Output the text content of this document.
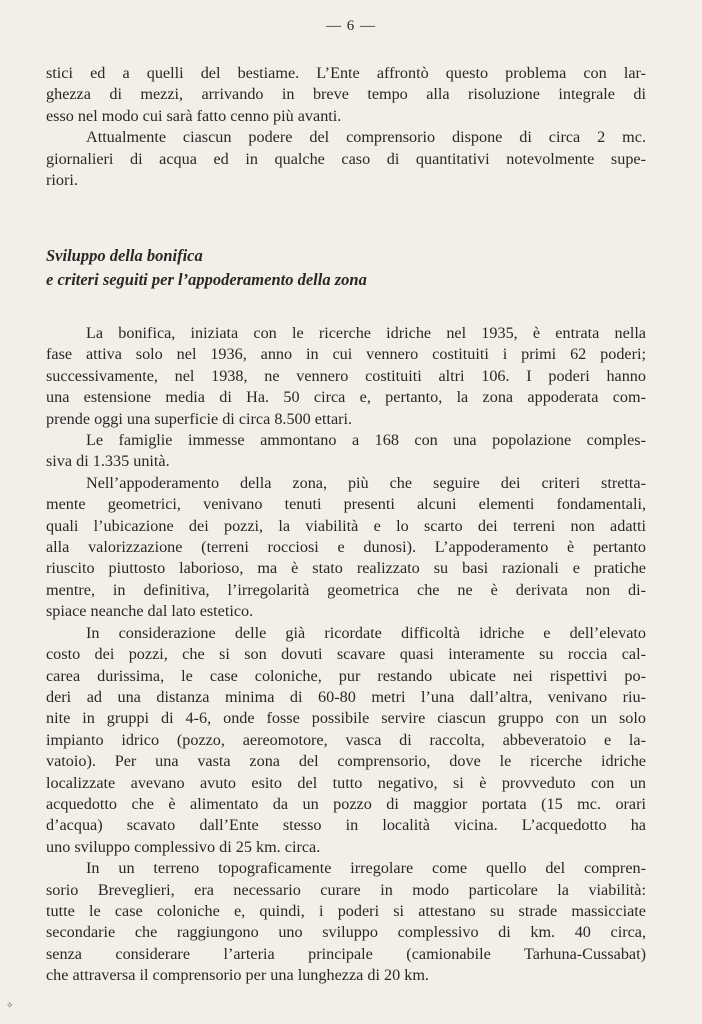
— 6 —
stici ed a quelli del bestiame. L’Ente affrontò questo problema con lar-
ghezza di mezzi, arrivando in breve tempo alla risoluzione integrale di
esso nel modo cui sarà fatto cenno più avanti.
Attualmente ciascun podere del comprensorio dispone di circa 2 mc.
giornalieri di acqua ed in qualche caso di quantitativi notevolmente supe-
riori.
Sviluppo della bonifica
e criteri seguiti per l’appoderamento della zona
La bonifica, iniziata con le ricerche idriche nel 1935, è entrata nella
fase attiva solo nel 1936, anno in cui vennero costituiti i primi 62 poderi;
successivamente, nel 1938, ne vennero costituiti altri 106. I poderi hanno
una estensione media di Ha. 50 circa e, pertanto, la zona appoderata com-
prende oggi una superficie di circa 8.500 ettari.
Le famiglie immesse ammontano a 168 con una popolazione comples-
siva di 1.335 unità.
Nell’appoderamento della zona, più che seguire dei criteri stretta-
mente geometrici, venivano tenuti presenti alcuni elementi fondamentali,
quali l’ubicazione dei pozzi, la viabilità e lo scarto dei terreni non adatti
alla valorizzazione (terreni rocciosi e dunosi). L’appoderamento è pertanto
riuscito piuttosto laborioso, ma è stato realizzato su basi razionali e pratiche
mentre, in definitiva, l’irregolarità geometrica che ne è derivata non di-
spiace neanche dal lato estetico.
In considerazione delle già ricordate difficoltà idriche e dell’elevato
costo dei pozzi, che si son dovuti scavare quasi interamente su roccia cal-
carea durissima, le case coloniche, pur restando ubicate nei rispettivi po-
deri ad una distanza minima di 60-80 metri l’una dall’altra, venivano riu-
nite in gruppi di 4-6, onde fosse possibile servire ciascun gruppo con un solo
impianto idrico (pozzo, aereomotore, vasca di raccolta, abbeveratoio e la-
vatoio). Per una vasta zona del comprensorio, dove le ricerche idriche
localizzate avevano avuto esito del tutto negativo, si è provveduto con un
acquedotto che è alimentato da un pozzo di maggior portata (15 mc. orari
d’acqua) scavato dall’Ente stesso in località vicina. L’acquedotto ha
uno sviluppo complessivo di 25 km. circa.
In un terreno topograficamente irregolare come quello del compren-
sorio Breveglieri, era necessario curare in modo particolare la viabilità:
tutte le case coloniche e, quindi, i poderi si attestano su strade massicciate
secondarie che raggiungono uno sviluppo complessivo di km. 40 circa,
senza considerare l’arteria principale (camionabile Tarhuna-Cussabat)
che attraversa il comprensorio per una lunghezza di 20 km.
✧
